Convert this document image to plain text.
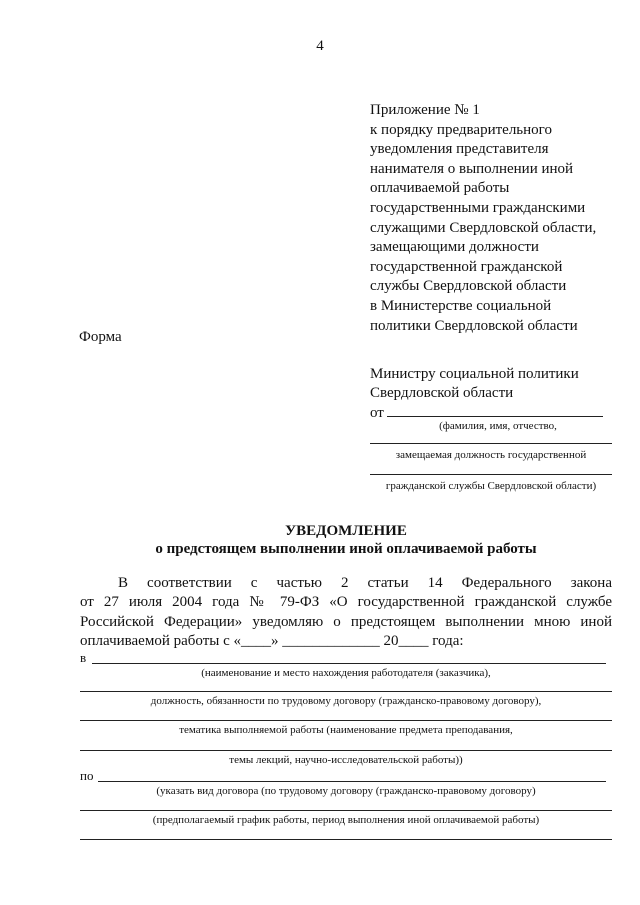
4
Приложение № 1
к порядку предварительного
уведомления представителя
нанимателя о выполнении иной
оплачиваемой работы
государственными гражданскими
служащими Свердловской области,
замещающими должности
государственной гражданской
службы Свердловской области
в Министерстве социальной
политики Свердловской области
Форма
Министру социальной политики
Свердловской области
от
(фамилия, имя, отчество,
замещаемая должность государственной
гражданской службы Свердловской области)
УВЕДОМЛЕНИЕ
о предстоящем выполнении иной оплачиваемой работы
В соответствии с частью 2 статьи 14 Федерального закона
от 27 июля 2004 года № 79-ФЗ «О государственной гражданской службе
Российской Федерации» уведомляю о предстоящем выполнении мною иной
оплачиваемой работы с «____» _____________ 20____ года:
в
(наименование и место нахождения работодателя (заказчика),
должность, обязанности по трудовому договору (гражданско-правовому договору),
тематика выполняемой работы (наименование предмета преподавания,
темы лекций, научно-исследовательской работы))
по
(указать вид договора (по трудовому договору (гражданско-правовому договору)
(предполагаемый график работы, период выполнения иной оплачиваемой работы)
